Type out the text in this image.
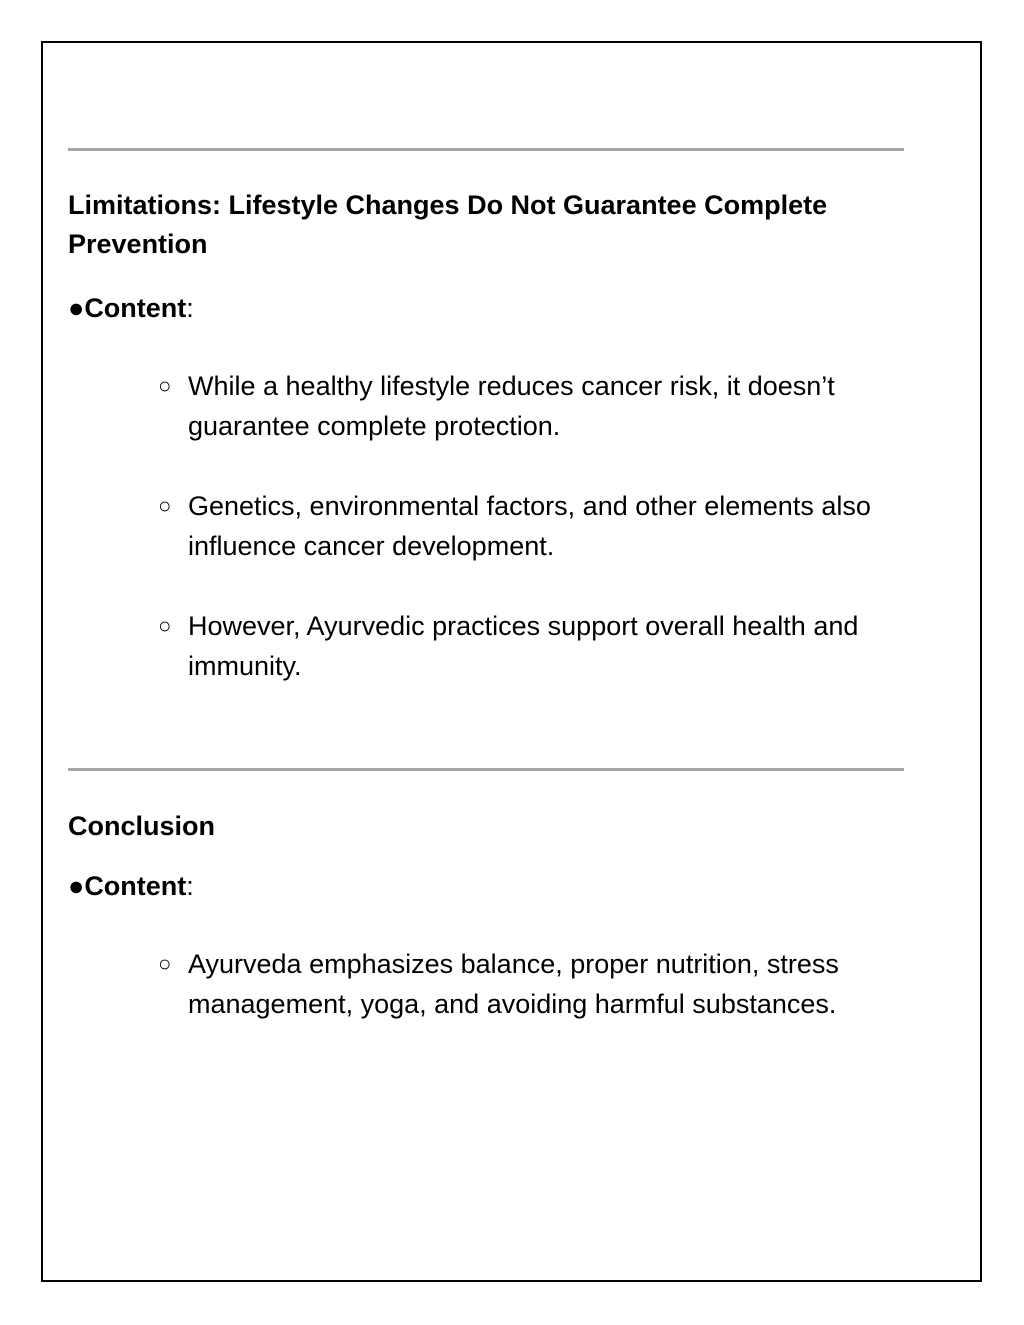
Limitations: Lifestyle Changes Do Not Guarantee Complete Prevention

●Content:

○ While a healthy lifestyle reduces cancer risk, it doesn’t guarantee complete protection.
○ Genetics, environmental factors, and other elements also influence cancer development.
○ However, Ayurvedic practices support overall health and immunity.
Conclusion

●Content:

○ Ayurveda emphasizes balance, proper nutrition, stress management, yoga, and avoiding harmful substances.
